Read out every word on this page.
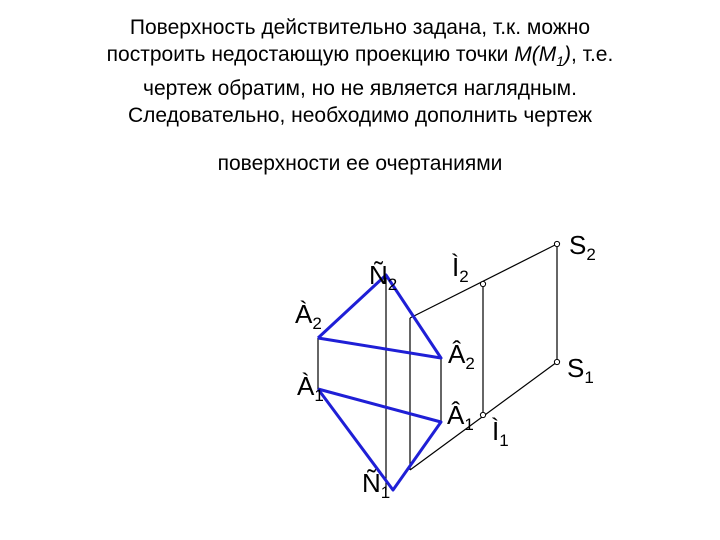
Поверхность действительно задана, т.к. можно
построить недостающую проекцию точки $M(M_1)$, т.е.
чертеж обратим, но не является наглядным.
Следовательно, необходимо дополнить чертеж
поверхности ее очертаниями
$S_2$
$S_1$
$Ì_2$
$Ì_1$
$Ñ_2$
$Ñ_1$
$À_2$
$À_1$
$Â_2$
$Â_1$
